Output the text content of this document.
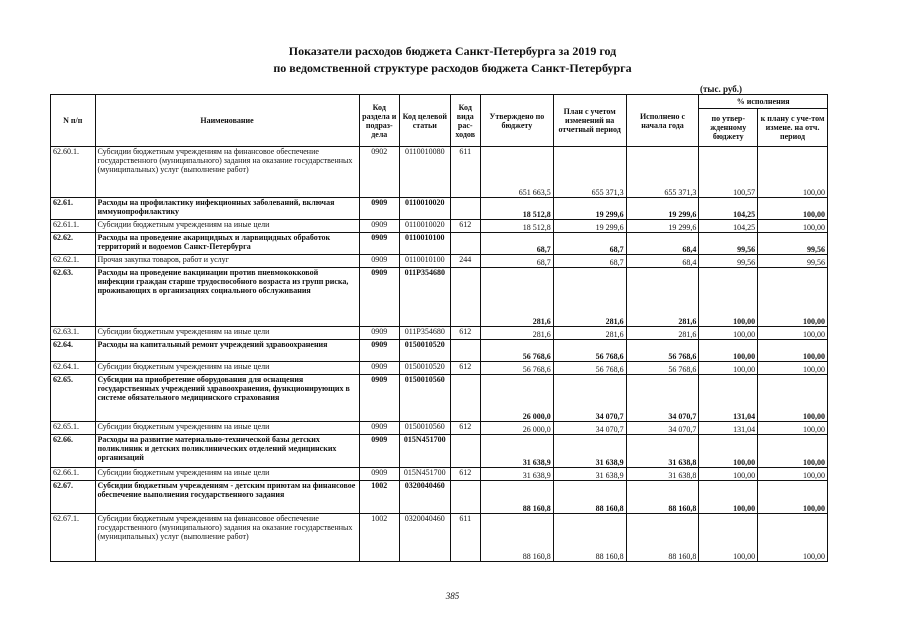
Показатели расходов бюджета Санкт-Петербурга за 2019 год
по ведомственной структуре расходов бюджета Санкт-Петербурга
(тыс. руб.)
N п/п	Наименование	Код раздела и подраз-дела	Код целевой статьи	Код вида рас-ходов	Утверждено по бюджету	План с учетом изменений на отчетный период	Исполнено с начала года	% исполнения	
								по утвер-жденному бюджету	к плану с уче-том измене. на отч. период
62.60.1.	Субсидии бюджетным учреждениям на финансовое обеспечение государственного (муниципального) задания на оказание государственных (муниципальных) услуг (выполнение работ)	0902	0110010080	611	651 663,5	655 371,3	655 371,3	100,57	100,00
62.61.	Расходы на профилактику инфекционных заболеваний, включая иммунопрофилактику	0909	0110010020		18 512,8	19 299,6	19 299,6	104,25	100,00
62.61.1.	Субсидии бюджетным учреждениям на иные цели	0909	0110010020	612	18 512,8	19 299,6	19 299,6	104,25	100,00
62.62.	Расходы на проведение акарицидных и ларвицидных обработок территорий и водоемов Санкт-Петербурга	0909	0110010100		68,7	68,7	68,4	99,56	99,56
62.62.1.	Прочая закупка товаров, работ и услуг	0909	0110010100	244	68,7	68,7	68,4	99,56	99,56
62.63.	Расходы на проведение вакцинации против пневмококковой инфекции граждан старше трудоспособного возраста из групп риска, проживающих в организациях социального обслуживания	0909	011P354680		281,6	281,6	281,6	100,00	100,00
62.63.1.	Субсидии бюджетным учреждениям на иные цели	0909	011P354680	612	281,6	281,6	281,6	100,00	100,00
62.64.	Расходы на капитальный ремонт учреждений здравоохранения	0909	0150010520		56 768,6	56 768,6	56 768,6	100,00	100,00
62.64.1.	Субсидии бюджетным учреждениям на иные цели	0909	0150010520	612	56 768,6	56 768,6	56 768,6	100,00	100,00
62.65.	Субсидии на приобретение оборудования для оснащения государственных учреждений здравоохранения, функционирующих в системе обязательного медицинского страхования	0909	0150010560		26 000,0	34 070,7	34 070,7	131,04	100,00
62.65.1.	Субсидии бюджетным учреждениям на иные цели	0909	0150010560	612	26 000,0	34 070,7	34 070,7	131,04	100,00
62.66.	Расходы на развитие материально-технической базы детских поликлиник и детских поликлинических отделений медицинских организаций	0909	015N451700		31 638,9	31 638,9	31 638,8	100,00	100,00
62.66.1.	Субсидии бюджетным учреждениям на иные цели	0909	015N451700	612	31 638,9	31 638,9	31 638,8	100,00	100,00
62.67.	Субсидии бюджетным учреждениям - детским приютам на финансовое обеспечение выполнения государственного задания	1002	0320040460		88 160,8	88 160,8	88 160,8	100,00	100,00
62.67.1.	Субсидии бюджетным учреждениям на финансовое обеспечение государственного (муниципального) задания на оказание государственных (муниципальных) услуг (выполнение работ)	1002	0320040460	611	88 160,8	88 160,8	88 160,8	100,00	100,00
385
